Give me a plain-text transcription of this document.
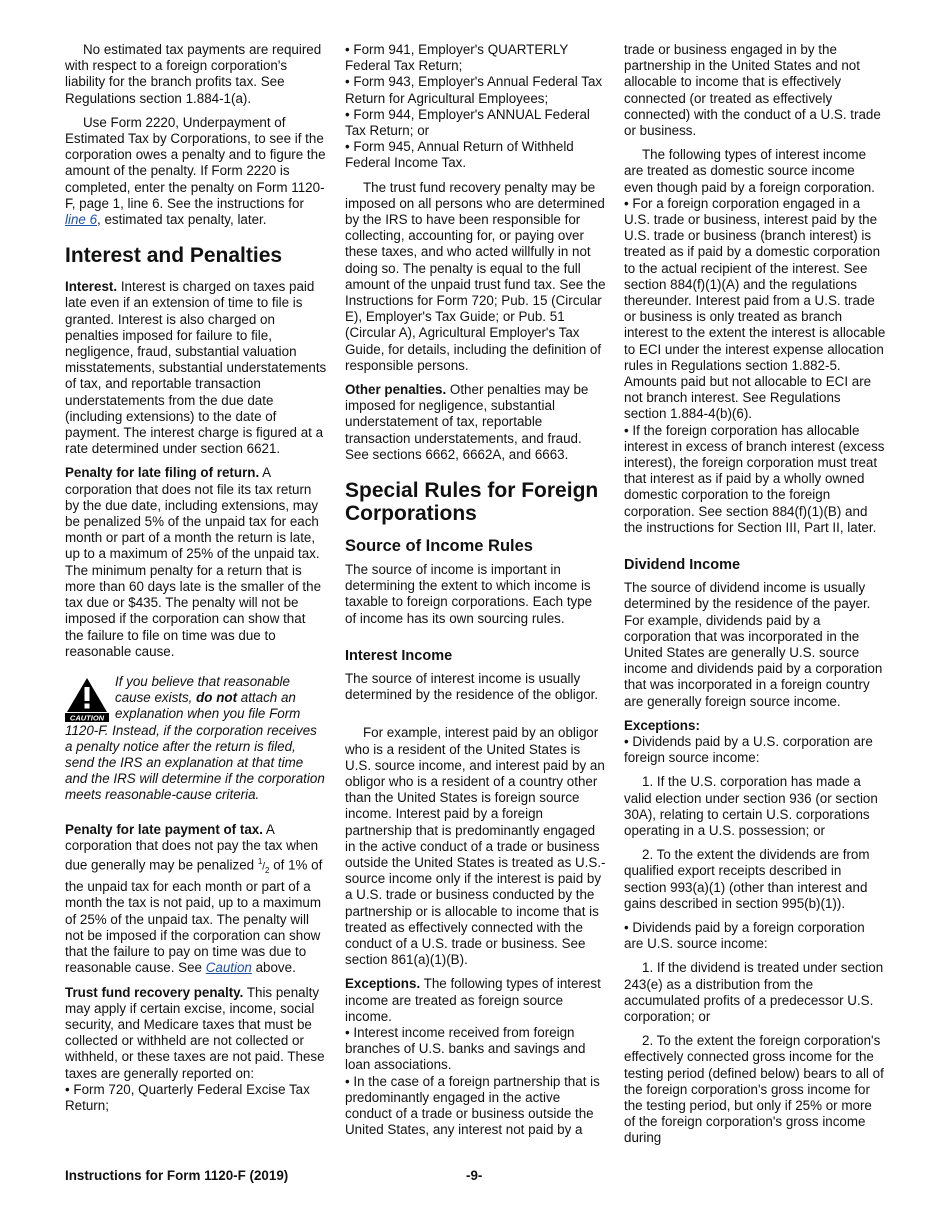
No estimated tax payments are required with respect to a foreign corporation's liability for the branch profits tax. See Regulations section 1.884-1(a).

Use Form 2220, Underpayment of Estimated Tax by Corporations, to see if the corporation owes a penalty and to figure the amount of the penalty. If Form 2220 is completed, enter the penalty on Form 1120-F, page 1, line 6. See the instructions for line 6, estimated tax penalty, later.

Interest and Penalties

Interest. Interest is charged on taxes paid late even if an extension of time to file is granted. Interest is also charged on penalties imposed for failure to file, negligence, fraud, substantial valuation misstatements, substantial understatements of tax, and reportable transaction understatements from the due date (including extensions) to the date of payment. The interest charge is figured at a rate determined under section 6621.

Penalty for late filing of return. A corporation that does not file its tax return by the due date, including extensions, may be penalized 5% of the unpaid tax for each month or part of a month the return is late, up to a maximum of 25% of the unpaid tax. The minimum penalty for a return that is more than 60 days late is the smaller of the tax due or $435. The penalty will not be imposed if the corporation can show that the failure to file on time was due to reasonable cause.

CAUTION
If you believe that reasonable cause exists, do not attach an explanation when you file Form 1120-F. Instead, if the corporation receives a penalty notice after the return is filed, send the IRS an explanation at that time and the IRS will determine if the corporation meets reasonable-cause criteria.

Penalty for late payment of tax. A corporation that does not pay the tax when due generally may be penalized $^1/_2$ of 1% of the unpaid tax for each month or part of a month the tax is not paid, up to a maximum of 25% of the unpaid tax. The penalty will not be imposed if the corporation can show that the failure to pay on time was due to reasonable cause. See Caution above.

Trust fund recovery penalty. This penalty may apply if certain excise, income, social security, and Medicare taxes that must be collected or withheld are not collected or withheld, or these taxes are not paid. These taxes are generally reported on:

• Form 720, Quarterly Federal Excise Tax Return;

• Form 941, Employer's QUARTERLY Federal Tax Return;

• Form 943, Employer's Annual Federal Tax Return for Agricultural Employees;

• Form 944, Employer's ANNUAL Federal Tax Return; or

• Form 945, Annual Return of Withheld Federal Income Tax.

The trust fund recovery penalty may be imposed on all persons who are determined by the IRS to have been responsible for collecting, accounting for, or paying over these taxes, and who acted willfully in not doing so. The penalty is equal to the full amount of the unpaid trust fund tax. See the Instructions for Form 720; Pub. 15 (Circular E), Employer's Tax Guide; or Pub. 51 (Circular A), Agricultural Employer's Tax Guide, for details, including the definition of responsible persons.

Other penalties. Other penalties may be imposed for negligence, substantial understatement of tax, reportable transaction understatements, and fraud. See sections 6662, 6662A, and 6663.

Special Rules for Foreign Corporations
Source of Income Rules

The source of income is important in determining the extent to which income is taxable to foreign corporations. Each type of income has its own sourcing rules.

Interest Income

The source of interest income is usually determined by the residence of the obligor.

For example, interest paid by an obligor who is a resident of the United States is U.S. source income, and interest paid by an obligor who is a resident of a country other than the United States is foreign source income. Interest paid by a foreign partnership that is predominantly engaged in the active conduct of a trade or business outside the United States is treated as U.S.-source income only if the interest is paid by a U.S. trade or business conducted by the partnership or is allocable to income that is treated as effectively connected with the conduct of a U.S. trade or business. See section 861(a)(1)(B).

Exceptions. The following types of interest income are treated as foreign source income.

• Interest income received from foreign branches of U.S. banks and savings and loan associations.

• In the case of a foreign partnership that is predominantly engaged in the active conduct of a trade or business outside the United States, any interest not paid by a

trade or business engaged in by the partnership in the United States and not allocable to income that is effectively connected (or treated as effectively connected) with the conduct of a U.S. trade or business.

The following types of interest income are treated as domestic source income even though paid by a foreign corporation.

• For a foreign corporation engaged in a U.S. trade or business, interest paid by the U.S. trade or business (branch interest) is treated as if paid by a domestic corporation to the actual recipient of the interest. See section 884(f)(1)(A) and the regulations thereunder. Interest paid from a U.S. trade or business is only treated as branch interest to the extent the interest is allocable to ECI under the interest expense allocation rules in Regulations section 1.882-5. Amounts paid but not allocable to ECI are not branch interest. See Regulations section 1.884-4(b)(6).

• If the foreign corporation has allocable interest in excess of branch interest (excess interest), the foreign corporation must treat that interest as if paid by a wholly owned domestic corporation to the foreign corporation. See section 884(f)(1)(B) and the instructions for Section III, Part II, later.

Dividend Income

The source of dividend income is usually determined by the residence of the payer. For example, dividends paid by a corporation that was incorporated in the United States are generally U.S. source income and dividends paid by a corporation that was incorporated in a foreign country are generally foreign source income.

Exceptions:

• Dividends paid by a U.S. corporation are foreign source income:

1. If the U.S. corporation has made a valid election under section 936 (or section 30A), relating to certain U.S. corporations operating in a U.S. possession; or

2. To the extent the dividends are from qualified export receipts described in section 993(a)(1) (other than interest and gains described in section 995(b)(1)).

• Dividends paid by a foreign corporation are U.S. source income:

1. If the dividend is treated under section 243(e) as a distribution from the accumulated profits of a predecessor U.S. corporation; or

2. To the extent the foreign corporation's effectively connected gross income for the testing period (defined below) bears to all of the foreign corporation's gross income for the testing period, but only if 25% or more of the foreign corporation's gross income during

Instructions for Form 1120-F (2019)	-9-
